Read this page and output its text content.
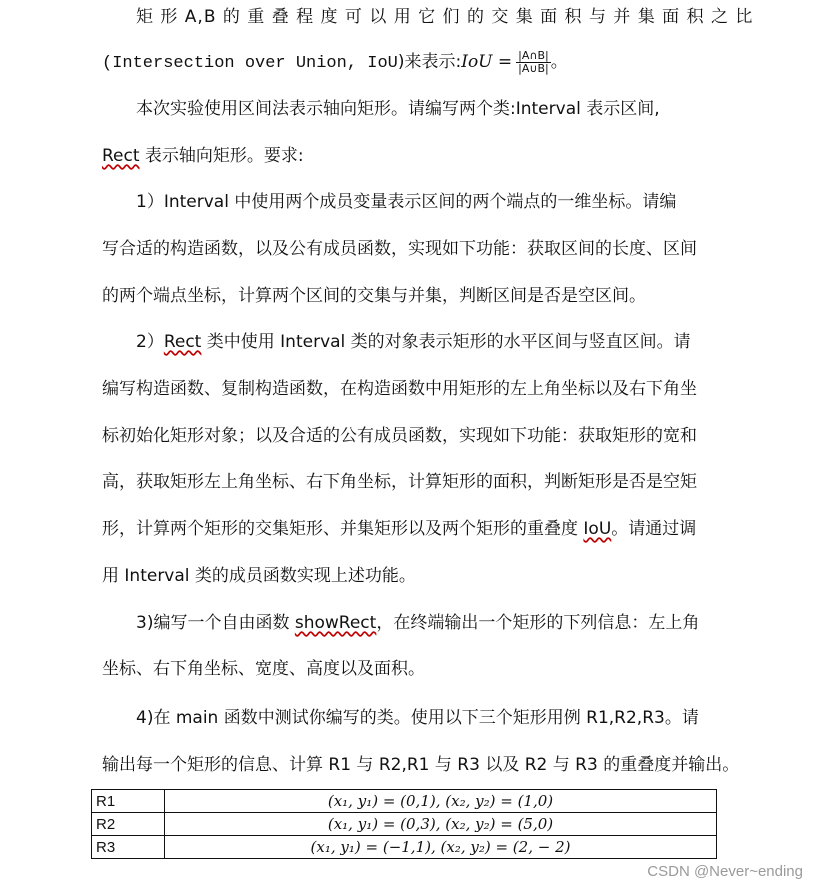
矩 形 A,B 的 重 叠 程 度 可 以 用 它 们 的 交 集 面 积 与 并 集 面 积 之 比
(Intersection over Union, IoU)来表示:IoU = $\frac{|A\cap B|}{|A\cup B|}$ 。
本次实验使用区间法表示轴向矩形。请编写两个类:Interval 表示区间,
Rect 表示轴向矩形。要求:
1）Interval 中使用两个成员变量表示区间的两个端点的一维坐标。请编
写合适的构造函数，以及公有成员函数，实现如下功能：获取区间的长度、区间
的两个端点坐标，计算两个区间的交集与并集，判断区间是否是空区间。
2）Rect 类中使用 Interval 类的对象表示矩形的水平区间与竖直区间。请
编写构造函数、复制构造函数，在构造函数中用矩形的左上角坐标以及右下角坐
标初始化矩形对象；以及合适的公有成员函数，实现如下功能：获取矩形的宽和
高，获取矩形左上角坐标、右下角坐标，计算矩形的面积，判断矩形是否是空矩
形，计算两个矩形的交集矩形、并集矩形以及两个矩形的重叠度 IoU。请通过调
用 Interval 类的成员函数实现上述功能。
3)编写一个自由函数 showRect，在终端输出一个矩形的下列信息：左上角
坐标、右下角坐标、宽度、高度以及面积。
4)在 main 函数中测试你编写的类。使用以下三个矩形用例 R1,R2,R3。请
输出每一个矩形的信息、计算 R1 与 R2,R1 与 R3 以及 R2 与 R3 的重叠度并输出。
R1	(x₁, y₁) = (0,1), (x₂, y₂) = (1,0)
R2	(x₁, y₁) = (0,3), (x₂, y₂) = (5,0)
R3	(x₁, y₁) = (−1,1), (x₂, y₂) = (2, − 2)
CSDN @Never~ending
